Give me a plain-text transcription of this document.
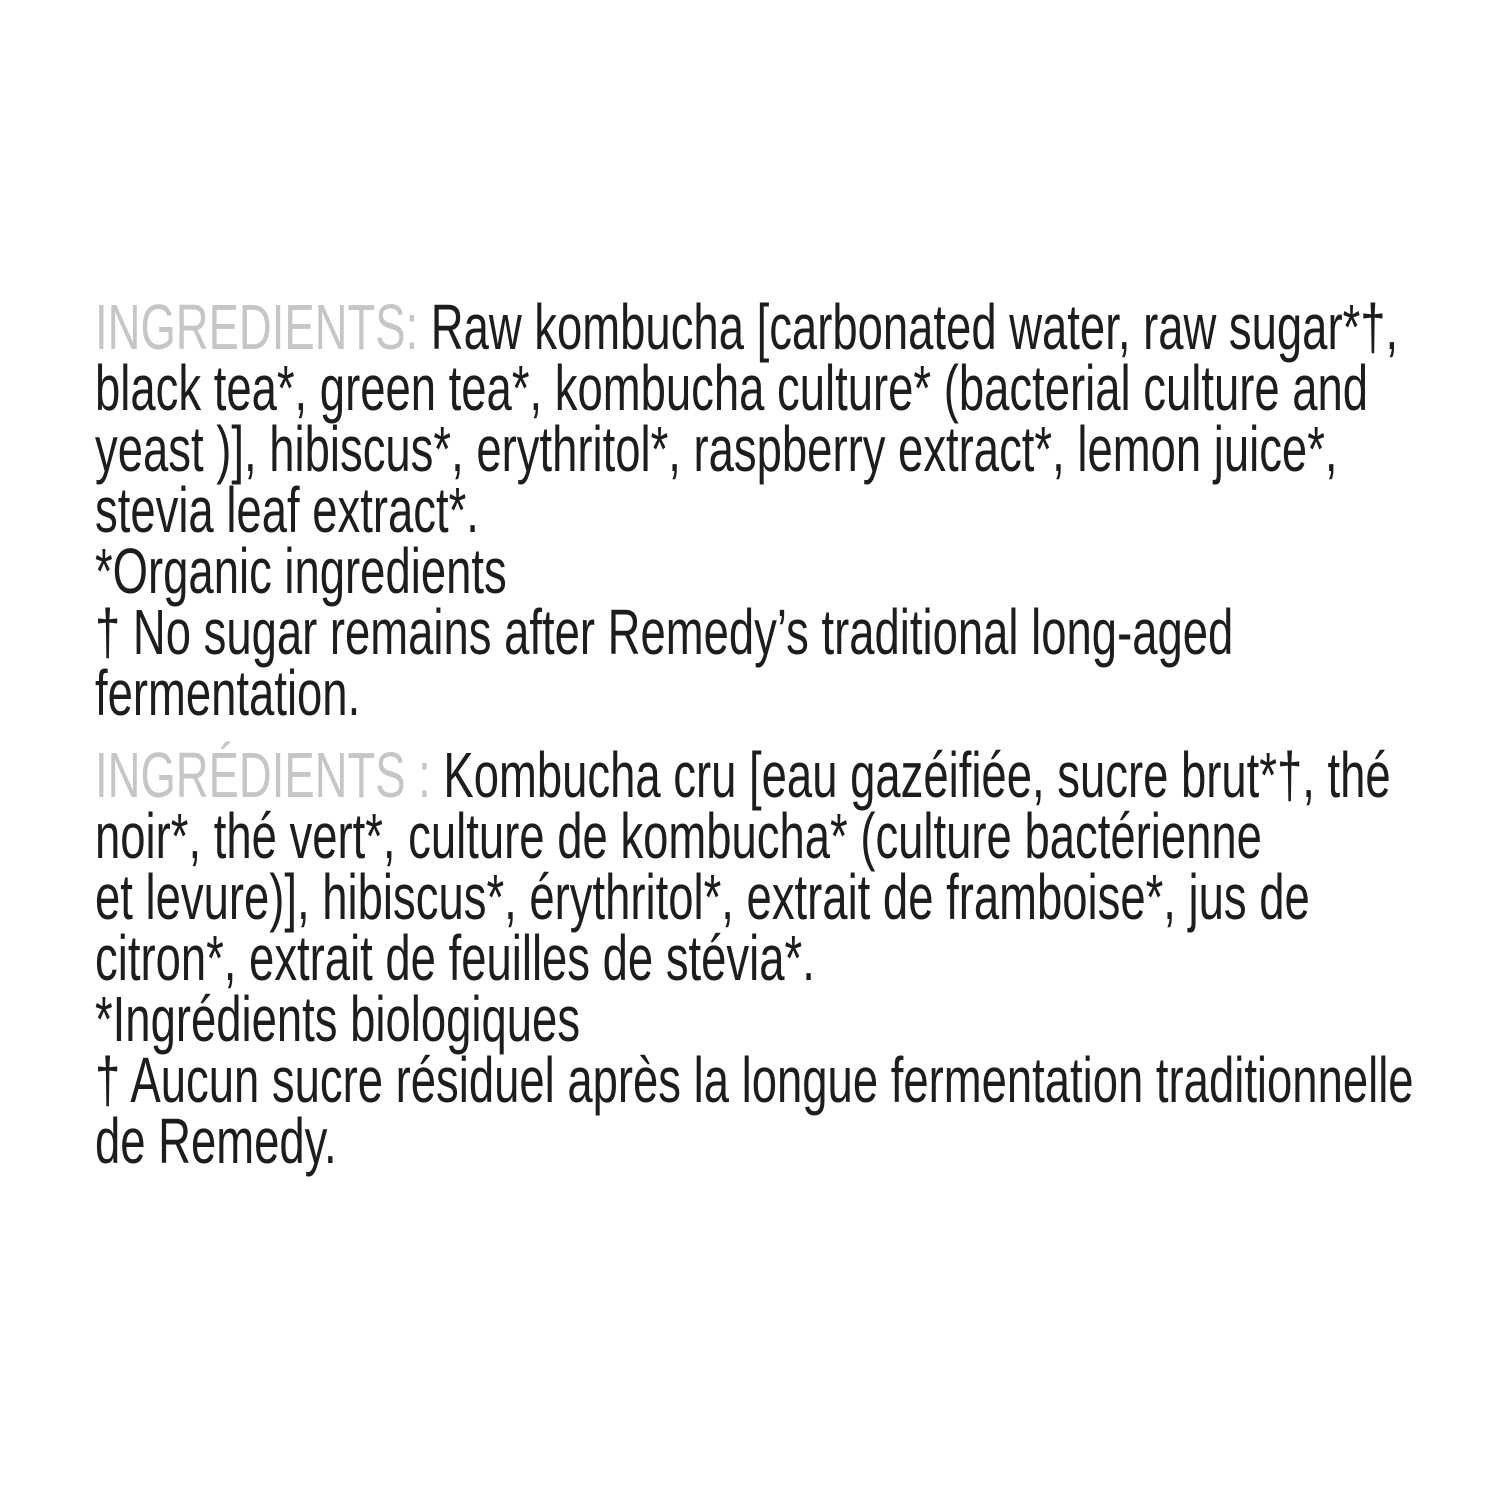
INGREDIENTS: Raw kombucha [carbonated water, raw sugar*†,
black tea*, green tea*, kombucha culture* (bacterial culture and
yeast )], hibiscus*, erythritol*, raspberry extract*, lemon juice*,
stevia leaf extract*.
*Organic ingredients
† No sugar remains after Remedy’s traditional long-aged
fermentation.
INGRÉDIENTS : Kombucha cru [eau gazéifiée, sucre brut*†, thé
noir*, thé vert*, culture de kombucha* (culture bactérienne
et levure)], hibiscus*, érythritol*, extrait de framboise*, jus de
citron*, extrait de feuilles de stévia*.
*Ingrédients biologiques
† Aucun sucre résiduel après la longue fermentation traditionnelle
de Remedy.
